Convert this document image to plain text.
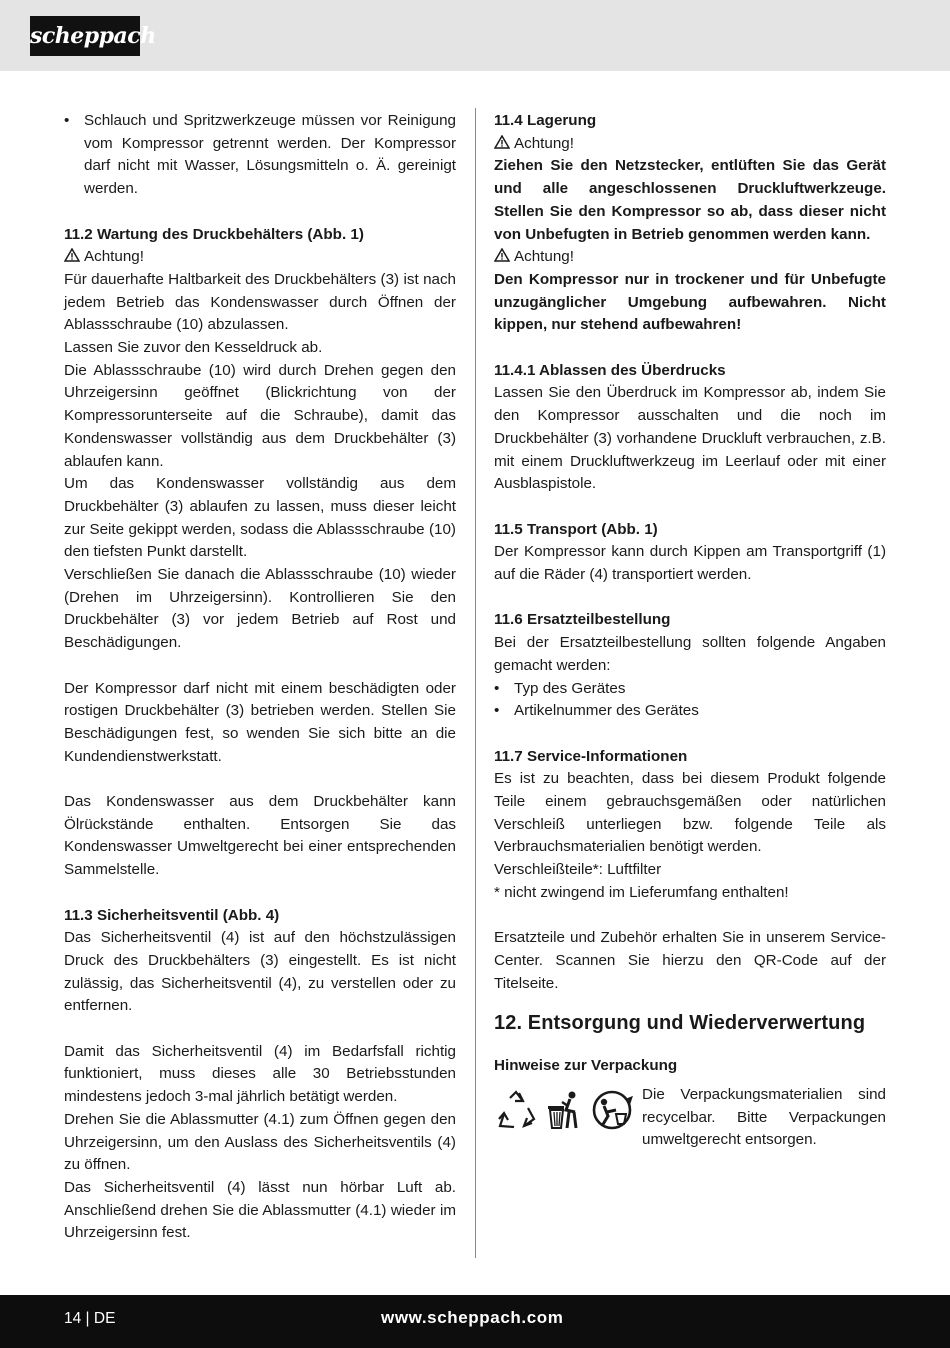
scheppach
• Schlauch und Spritzwerkzeuge müssen vor Reinigung vom Kompressor getrennt werden. Der Kompressor darf nicht mit Wasser, Lösungsmitteln o. Ä. gereinigt werden.

11.2 Wartung des Druckbehälters (Abb. 1)

Achtung!

Für dauerhafte Haltbarkeit des Druckbehälters (3) ist nach jedem Betrieb das Kondenswasser durch Öffnen der Ablassschraube (10) abzulassen.

Lassen Sie zuvor den Kesseldruck ab.

Die Ablassschraube (10) wird durch Drehen gegen den Uhrzeigersinn geöffnet (Blickrichtung von der Kompressorunterseite auf die Schraube), damit das Kondenswasser vollständig aus dem Druckbehälter (3) ablaufen kann.

Um das Kondenswasser vollständig aus dem Druckbehälter (3) ablaufen zu lassen, muss dieser leicht zur Seite gekippt werden, sodass die Ablassschraube (10) den tiefsten Punkt darstellt.

Verschließen Sie danach die Ablassschraube (10) wieder (Drehen im Uhrzeigersinn). Kontrollieren Sie den Druckbehälter (3) vor jedem Betrieb auf Rost und Beschädigungen.

Der Kompressor darf nicht mit einem beschädigten oder rostigen Druckbehälter (3) betrieben werden. Stellen Sie Beschädigungen fest, so wenden Sie sich bitte an die Kundendienstwerkstatt.

Das Kondenswasser aus dem Druckbehälter kann Ölrückstände enthalten. Entsorgen Sie das Kondenswasser Umweltgerecht bei einer entsprechenden Sammelstelle.

11.3 Sicherheitsventil (Abb. 4)

Das Sicherheitsventil (4) ist auf den höchstzulässigen Druck des Druckbehälters (3) eingestellt. Es ist nicht zulässig, das Sicherheitsventil (4), zu verstellen oder zu entfernen.

Damit das Sicherheitsventil (4) im Bedarfsfall richtig funktioniert, muss dieses alle 30 Betriebsstunden mindestens jedoch 3-mal jährlich betätigt werden.

Drehen Sie die Ablassmutter (4.1) zum Öffnen gegen den Uhrzeigersinn, um den Auslass des Sicherheitsventils (4) zu öffnen.

Das Sicherheitsventil (4) lässt nun hörbar Luft ab. Anschließend drehen Sie die Ablassmutter (4.1) wieder im Uhrzeigersinn fest.

11.4 Lagerung

Achtung!

Ziehen Sie den Netzstecker, entlüften Sie das Gerät und alle angeschlossenen Druckluftwerkzeuge. Stellen Sie den Kompressor so ab, dass dieser nicht von Unbefugten in Betrieb genommen werden kann.

Achtung!

Den Kompressor nur in trockener und für Unbefugte unzugänglicher Umgebung aufbewahren. Nicht kippen, nur stehend aufbewahren!

11.4.1 Ablassen des Überdrucks

Lassen Sie den Überdruck im Kompressor ab, indem Sie den Kompressor ausschalten und die noch im Druckbehälter (3) vorhandene Druckluft verbrauchen, z.B. mit einem Druckluftwerkzeug im Leerlauf oder mit einer Ausblaspistole.

11.5 Transport (Abb. 1)

Der Kompressor kann durch Kippen am Transportgriff (1) auf die Räder (4) transportiert werden.

11.6 Ersatzteilbestellung

Bei der Ersatzteilbestellung sollten folgende Angaben gemacht werden:

• Typ des Gerätes
• Artikelnummer des Gerätes

11.7 Service-Informationen

Es ist zu beachten, dass bei diesem Produkt folgende Teile einem gebrauchsgemäßen oder natürlichen Verschleiß unterliegen bzw. folgende Teile als Verbrauchsmaterialien benötigt werden.

Verschleißteile*: Luftfilter

* nicht zwingend im Lieferumfang enthalten!

Ersatzteile und Zubehör erhalten Sie in unserem Service-Center. Scannen Sie hierzu den QR-Code auf der Titelseite.

12. Entsorgung und Wiederverwertung

Hinweise zur Verpackung

Die Verpackungsmaterialien sind recycelbar. Bitte Verpackungen umweltgerecht entsorgen.

14 | DE	www.scheppach.com
